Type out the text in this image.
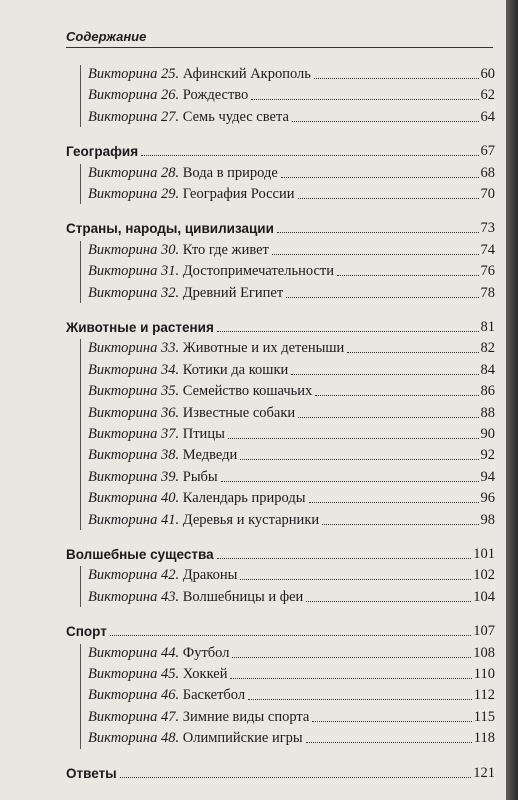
Содержание
Викторина 25. Афинский Акрополь	60
Викторина 26. Рождество	62
Викторина 27. Семь чудес света	64
География	67
Викторина 28. Вода в природе	68
Викторина 29. География России	70
Страны, народы, цивилизации	73
Викторина 30. Кто где живет	74
Викторина 31. Достопримечательности	76
Викторина 32. Древний Египет	78
Животные и растения	81
Викторина 33. Животные и их детеныши	82
Викторина 34. Котики да кошки	84
Викторина 35. Семейство кошачьих	86
Викторина 36. Известные собаки	88
Викторина 37. Птицы	90
Викторина 38. Медведи	92
Викторина 39. Рыбы	94
Викторина 40. Календарь природы	96
Викторина 41. Деревья и кустарники	98
Волшебные существа	101
Викторина 42. Драконы	102
Викторина 43. Волшебницы и феи	104
Спорт	107
Викторина 44. Футбол	108
Викторина 45. Хоккей	110
Викторина 46. Баскетбол	112
Викторина 47. Зимние виды спорта	115
Викторина 48. Олимпийские игры	118
Ответы	121
